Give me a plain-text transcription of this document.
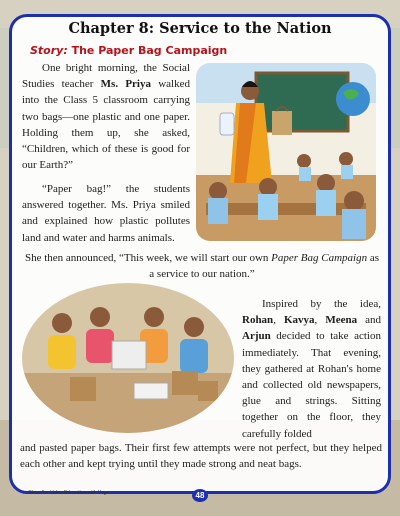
Chapter 8: Service to the Nation
Story: The Paper Bag Campaign
One bright morning, the Social Studies teacher Ms. Priya walked into the Class 5 classroom carrying two bags—one plastic and one paper. Holding them up, she asked, “Children, which of these is good for our Earth?”
“Paper bag!” the students answered together. Ms. Priya smiled and explained how plastic pollutes land and water and harms animals.
She then announced, “This week, we will start our own Paper Bag Campaign as a service to our nation.”
Inspired by the idea, Rohan, Kavya, Meena and Arjun decided to take action immediately. That evening, they gathered at Rohan's home and collected old newspapers, glue and strings. Sitting together on the floor, they carefully folded
and pasted paper bags. Their first few attempts were not perfect, but they helped each other and kept trying until they made strong and neat bags.
Class 5 – Value Education with Yoga	48
